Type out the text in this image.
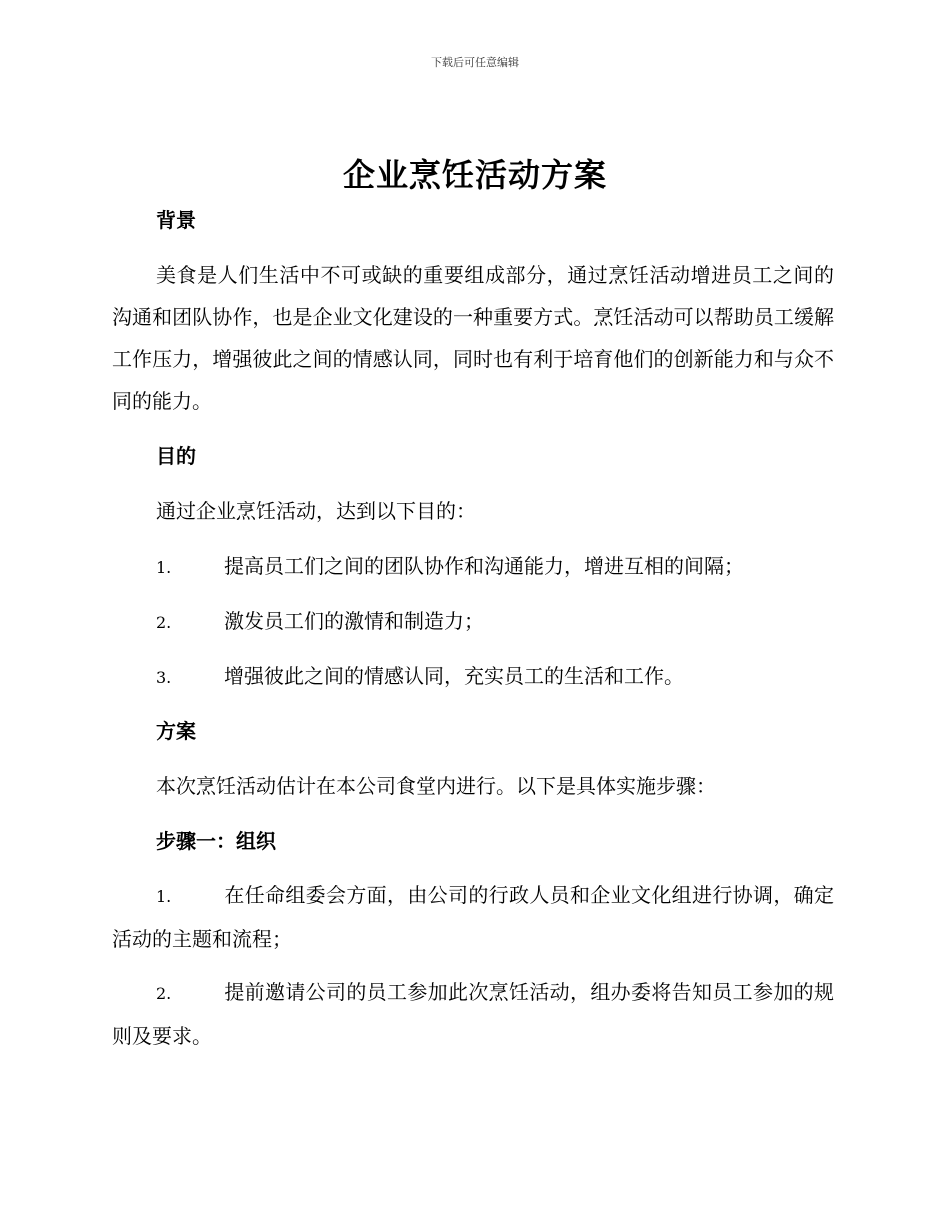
下载后可任意编辑
企业烹饪活动方案
背景
美食是人们生活中不可或缺的重要组成部分，通过烹饪活动增进员工之间的沟通和团队协作，也是企业文化建设的一种重要方式。烹饪活动可以帮助员工缓解工作压力，增强彼此之间的情感认同，同时也有利于培育他们的创新能力和与众不同的能力。
目的
通过企业烹饪活动，达到以下目的：
1.	提高员工们之间的团队协作和沟通能力，增进互相的间隔；
2.	激发员工们的激情和制造力；
3.	增强彼此之间的情感认同，充实员工的生活和工作。
方案
本次烹饪活动估计在本公司食堂内进行。以下是具体实施步骤：
步骤一：组织
1.	在任命组委会方面，由公司的行政人员和企业文化组进行协调，确定活动的主题和流程；
2.	提前邀请公司的员工参加此次烹饪活动，组办委将告知员工参加的规则及要求。
